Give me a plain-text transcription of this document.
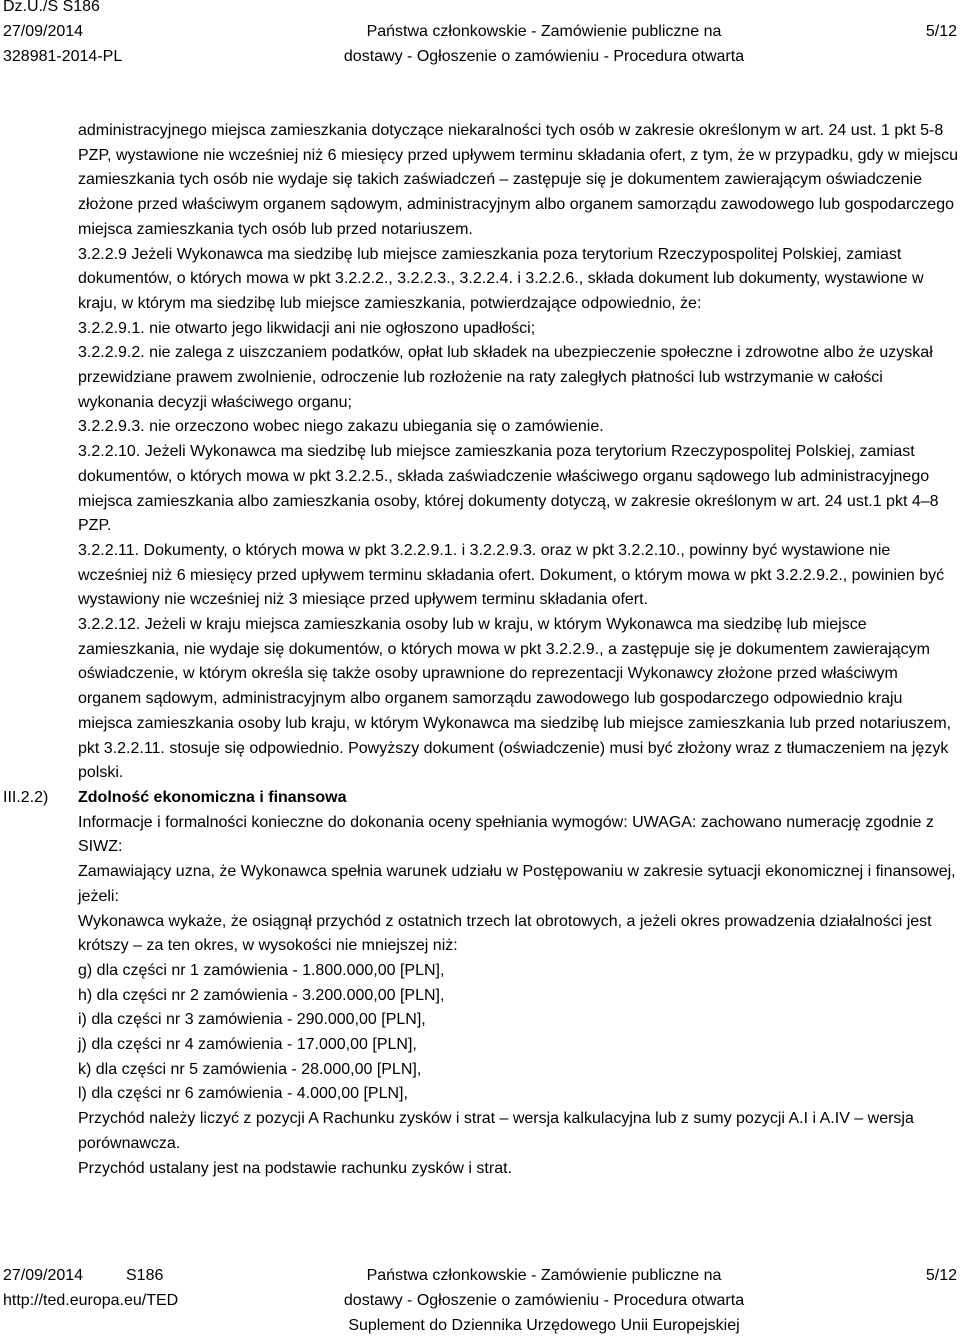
Dz.U./S S186
27/09/2014	Państwa członkowskie - Zamówienie publiczne na	5/12
328981-2014-PL	dostawy - Ogłoszenie o zamówieniu - Procedura otwarta

administracyjnego miejsca zamieszkania dotyczące niekaralności tych osób w zakresie określonym w art. 24 ust. 1 pkt 5-8 PZP, wystawione nie wcześniej niż 6 miesięcy przed upływem terminu składania ofert, z tym, że w przypadku, gdy w miejscu zamieszkania tych osób nie wydaje się takich zaświadczeń – zastępuje się je dokumentem zawierającym oświadczenie złożone przed właściwym organem sądowym, administracyjnym albo organem samorządu zawodowego lub gospodarczego miejsca zamieszkania tych osób lub przed notariuszem.

3.2.2.9 Jeżeli Wykonawca ma siedzibę lub miejsce zamieszkania poza terytorium Rzeczypospolitej Polskiej, zamiast dokumentów, o których mowa w pkt 3.2.2.2., 3.2.2.3., 3.2.2.4. i 3.2.2.6., składa dokument lub dokumenty, wystawione w kraju, w którym ma siedzibę lub miejsce zamieszkania, potwierdzające odpowiednio, że:

3.2.2.9.1. nie otwarto jego likwidacji ani nie ogłoszono upadłości;

3.2.2.9.2. nie zalega z uiszczaniem podatków, opłat lub składek na ubezpieczenie społeczne i zdrowotne albo że uzyskał przewidziane prawem zwolnienie, odroczenie lub rozłożenie na raty zaległych płatności lub wstrzymanie w całości wykonania decyzji właściwego organu;

3.2.2.9.3. nie orzeczono wobec niego zakazu ubiegania się o zamówienie.

3.2.2.10. Jeżeli Wykonawca ma siedzibę lub miejsce zamieszkania poza terytorium Rzeczypospolitej Polskiej, zamiast dokumentów, o których mowa w pkt 3.2.2.5., składa zaświadczenie właściwego organu sądowego lub administracyjnego miejsca zamieszkania albo zamieszkania osoby, której dokumenty dotyczą, w zakresie określonym w art. 24 ust.1 pkt 4–8 PZP.

3.2.2.11. Dokumenty, o których mowa w pkt 3.2.2.9.1. i 3.2.2.9.3. oraz w pkt 3.2.2.10., powinny być wystawione nie wcześniej niż 6 miesięcy przed upływem terminu składania ofert. Dokument, o którym mowa w pkt 3.2.2.9.2., powinien być wystawiony nie wcześniej niż 3 miesiące przed upływem terminu składania ofert.

3.2.2.12. Jeżeli w kraju miejsca zamieszkania osoby lub w kraju, w którym Wykonawca ma siedzibę lub miejsce zamieszkania, nie wydaje się dokumentów, o których mowa w pkt 3.2.2.9., a zastępuje się je dokumentem zawierającym oświadczenie, w którym określa się także osoby uprawnione do reprezentacji Wykonawcy złożone przed właściwym organem sądowym, administracyjnym albo organem samorządu zawodowego lub gospodarczego odpowiednio kraju miejsca zamieszkania osoby lub kraju, w którym Wykonawca ma siedzibę lub miejsce zamieszkania lub przed notariuszem, pkt 3.2.2.11. stosuje się odpowiednio. Powyższy dokument (oświadczenie) musi być złożony wraz z tłumaczeniem na język polski.

III.2.2) Zdolność ekonomiczna i finansowa

Informacje i formalności konieczne do dokonania oceny spełniania wymogów: UWAGA: zachowano numerację zgodnie z SIWZ:

Zamawiający uzna, że Wykonawca spełnia warunek udziału w Postępowaniu w zakresie sytuacji ekonomicznej i finansowej, jeżeli:

Wykonawca wykaże, że osiągnął przychód z ostatnich trzech lat obrotowych, a jeżeli okres prowadzenia działalności jest krótszy – za ten okres, w wysokości nie mniejszej niż:

g) dla części nr 1 zamówienia - 1.800.000,00 [PLN],

h) dla części nr 2 zamówienia - 3.200.000,00 [PLN],

i) dla części nr 3 zamówienia - 290.000,00 [PLN],

j) dla części nr 4 zamówienia - 17.000,00 [PLN],

k) dla części nr 5 zamówienia - 28.000,00 [PLN],

l) dla części nr 6 zamówienia - 4.000,00 [PLN],

Przychód należy liczyć z pozycji A Rachunku zysków i strat – wersja kalkulacyjna lub z sumy pozycji A.I i A.IV – wersja porównawcza.

Przychód ustalany jest na podstawie rachunku zysków i strat.

27/09/2014	S186	Państwa członkowskie - Zamówienie publiczne na	5/12
http://ted.europa.eu/TED	dostawy - Ogłoszenie o zamówieniu - Procedura otwarta
Suplement do Dziennika Urzędowego Unii Europejskiej
